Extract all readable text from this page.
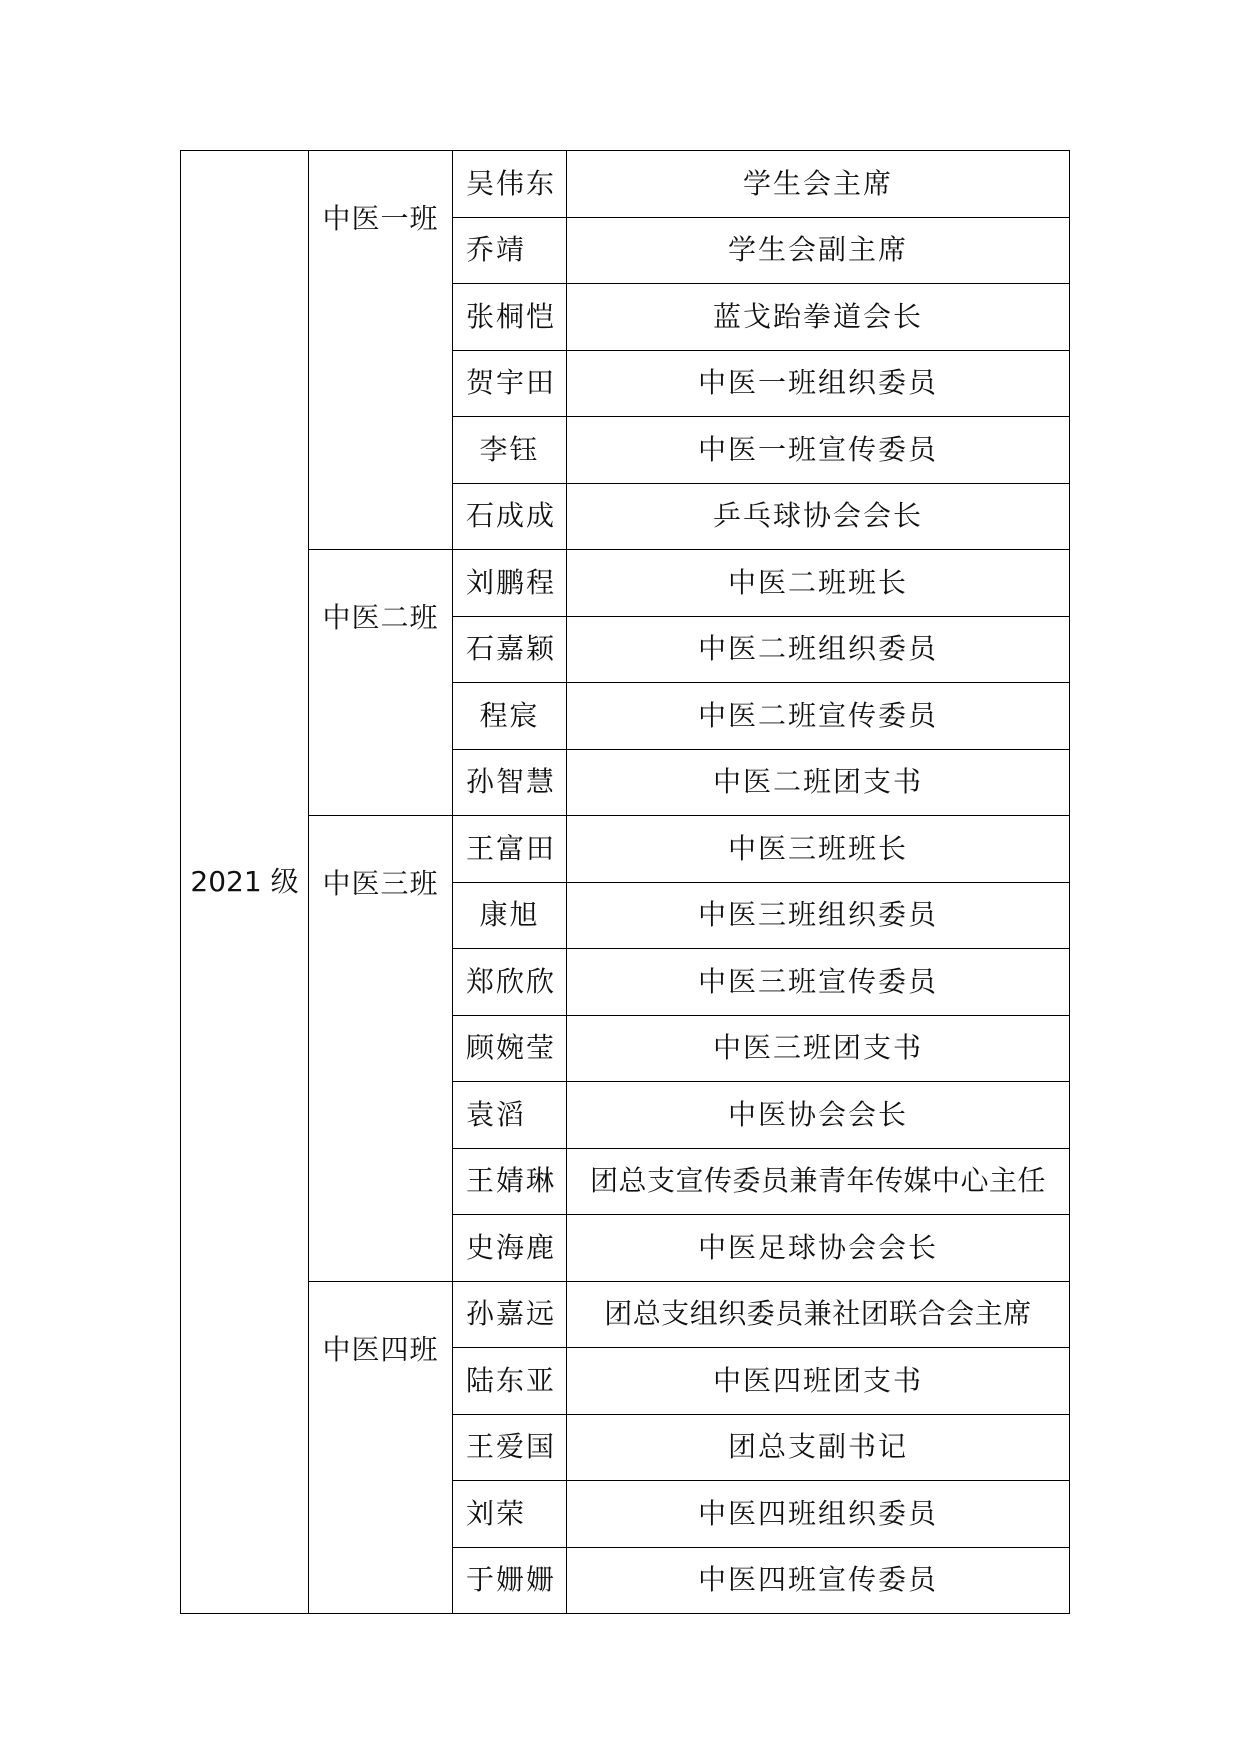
2021 级	中医一班	吴伟东	学生会主席
		乔靖	学生会副主席
		张桐恺	蓝戈跆拳道会长
		贺宇田	中医一班组织委员
		李钰	中医一班宣传委员
		石成成	乒乓球协会会长
	中医二班	刘鹏程	中医二班班长
		石嘉颖	中医二班组织委员
		程宸	中医二班宣传委员
		孙智慧	中医二班团支书
	中医三班	王富田	中医三班班长
		康旭	中医三班组织委员
		郑欣欣	中医三班宣传委员
		顾婉莹	中医三班团支书
		袁滔	中医协会会长
		王婧琳	团总支宣传委员兼青年传媒中心主任
		史海鹿	中医足球协会会长
	中医四班	孙嘉远	团总支组织委员兼社团联合会主席
		陆东亚	中医四班团支书
		王爱国	团总支副书记
		刘荣	中医四班组织委员
		于姗姗	中医四班宣传委员
